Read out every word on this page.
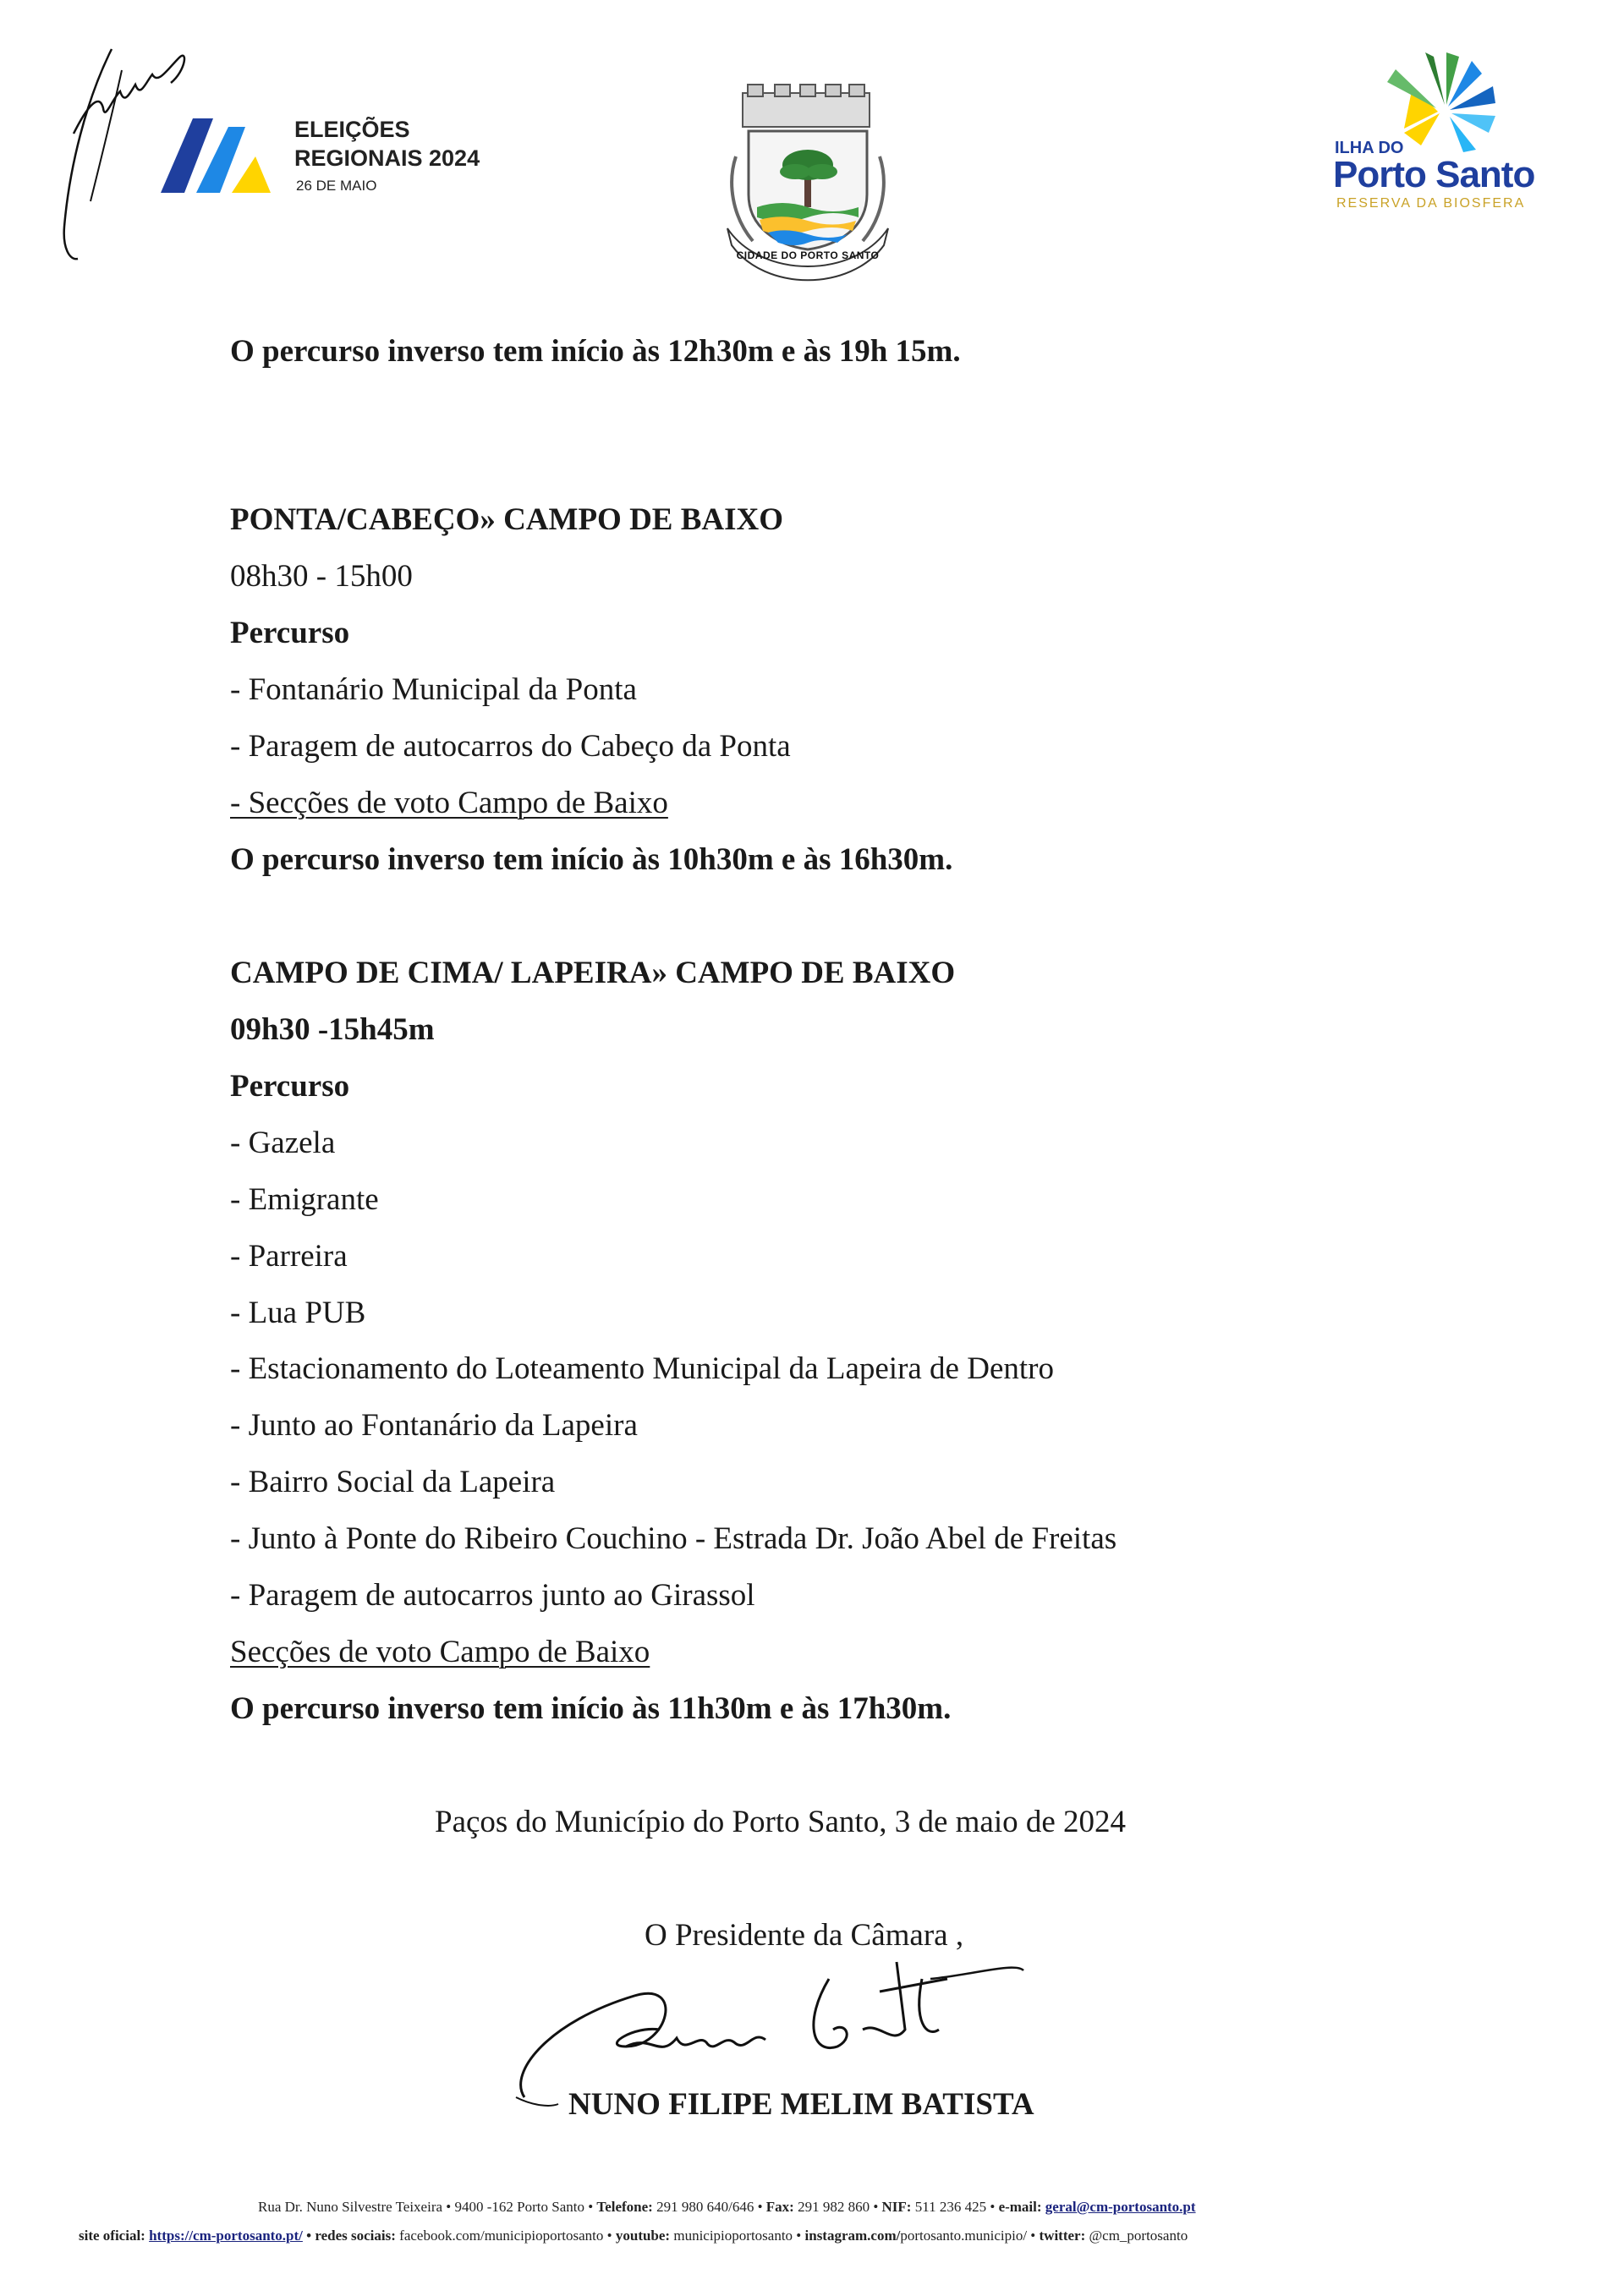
ELEIÇÕES
REGIONAIS 2024
26 DE MAIO
CIDADE DO PORTO SANTO
ILHA DO
Porto Santo
RESERVA DA BIOSFERA
O percurso inverso tem início às 12h30m e às 19h 15m.
PONTA/CABEÇO» CAMPO DE BAIXO
08h30 - 15h00
Percurso
- Fontanário Municipal da Ponta
- Paragem de autocarros do Cabeço da Ponta
- Secções de voto Campo de Baixo
O percurso inverso tem início às 10h30m e às 16h30m.
CAMPO DE CIMA/ LAPEIRA» CAMPO DE BAIXO
09h30 -15h45m
Percurso
- Gazela
- Emigrante
- Parreira
- Lua PUB
- Estacionamento do Loteamento Municipal da Lapeira de Dentro
- Junto ao Fontanário da Lapeira
- Bairro Social da Lapeira
- Junto à Ponte do Ribeiro Couchino - Estrada Dr. João Abel de Freitas
- Paragem de autocarros junto ao Girassol
Secções de voto Campo de Baixo
O percurso inverso tem início às 11h30m e às 17h30m.
Paços do Município do Porto Santo, 3 de maio de 2024
O Presidente da Câmara ,
NUNO FILIPE MELIM BATISTA
Rua Dr. Nuno Silvestre Teixeira • 9400 -162 Porto Santo • Telefone: 291 980 640/646 • Fax: 291 982 860 • NIF: 511 236 425 • e-mail: geral@cm-portosanto.pt
site oficial: https://cm-portosanto.pt/ • redes sociais: facebook.com/municipioportosanto • youtube: municipioportosanto • instagram.com/portosanto.municipio/ • twitter: @cm_portosanto
